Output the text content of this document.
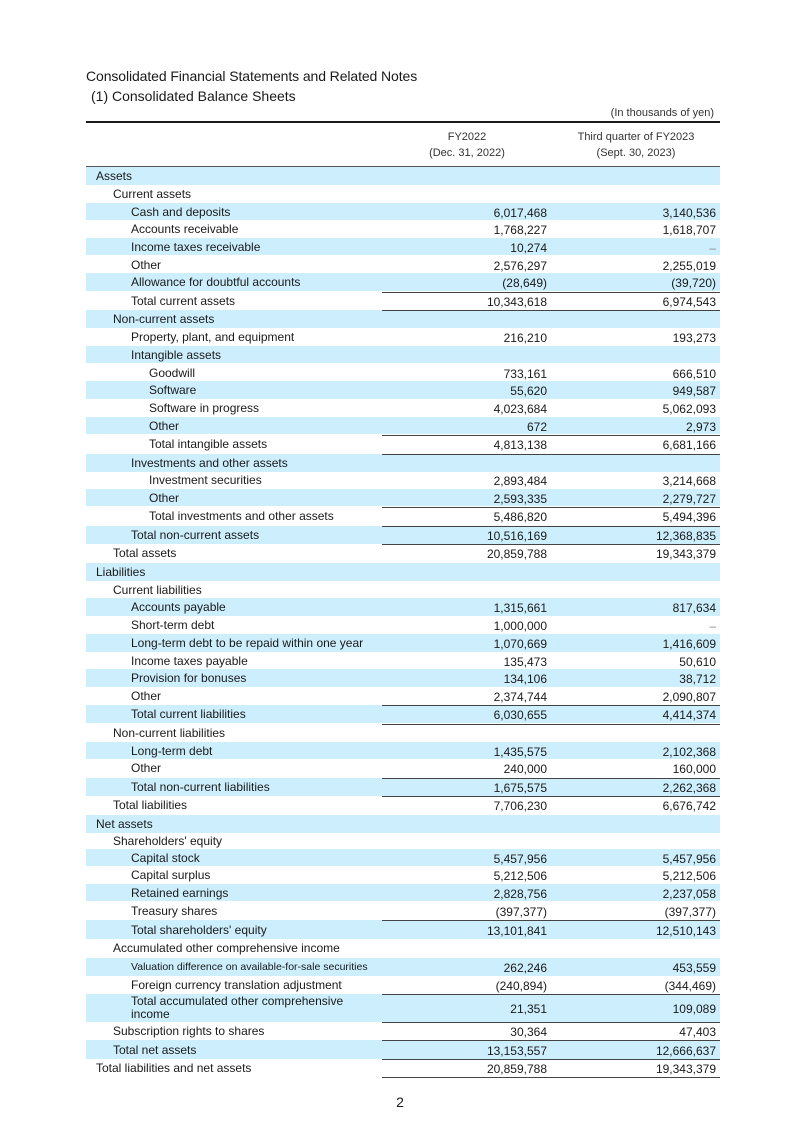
Consolidated Financial Statements and Related Notes
(1) Consolidated Balance Sheets
(In thousands of yen)
FY2022
(Dec. 31, 2022)
Third quarter of FY2023
(Sept. 30, 2023)
Assets
Current assets
Cash and deposits	6,017,468	3,140,536
Accounts receivable	1,768,227	1,618,707
Income taxes receivable	10,274	–
Other	2,576,297	2,255,019
Allowance for doubtful accounts	(28,649)	(39,720)
Total current assets	10,343,618	6,974,543
Non-current assets
Property, plant, and equipment	216,210	193,273
Intangible assets
Goodwill	733,161	666,510
Software	55,620	949,587
Software in progress	4,023,684	5,062,093
Other	672	2,973
Total intangible assets	4,813,138	6,681,166
Investments and other assets
Investment securities	2,893,484	3,214,668
Other	2,593,335	2,279,727
Total investments and other assets	5,486,820	5,494,396
Total non-current assets	10,516,169	12,368,835
Total assets	20,859,788	19,343,379
Liabilities
Current liabilities
Accounts payable	1,315,661	817,634
Short-term debt	1,000,000	–
Long-term debt to be repaid within one year	1,070,669	1,416,609
Income taxes payable	135,473	50,610
Provision for bonuses	134,106	38,712
Other	2,374,744	2,090,807
Total current liabilities	6,030,655	4,414,374
Non-current liabilities
Long-term debt	1,435,575	2,102,368
Other	240,000	160,000
Total non-current liabilities	1,675,575	2,262,368
Total liabilities	7,706,230	6,676,742
Net assets
Shareholders' equity
Capital stock	5,457,956	5,457,956
Capital surplus	5,212,506	5,212,506
Retained earnings	2,828,756	2,237,058
Treasury shares	(397,377)	(397,377)
Total shareholders' equity	13,101,841	12,510,143
Accumulated other comprehensive income
Valuation difference on available-for-sale securities	262,246	453,559
Foreign currency translation adjustment	(240,894)	(344,469)
Total accumulated other comprehensive
income	21,351	109,089
Subscription rights to shares	30,364	47,403
Total net assets	13,153,557	12,666,637
Total liabilities and net assets	20,859,788	19,343,379
2
